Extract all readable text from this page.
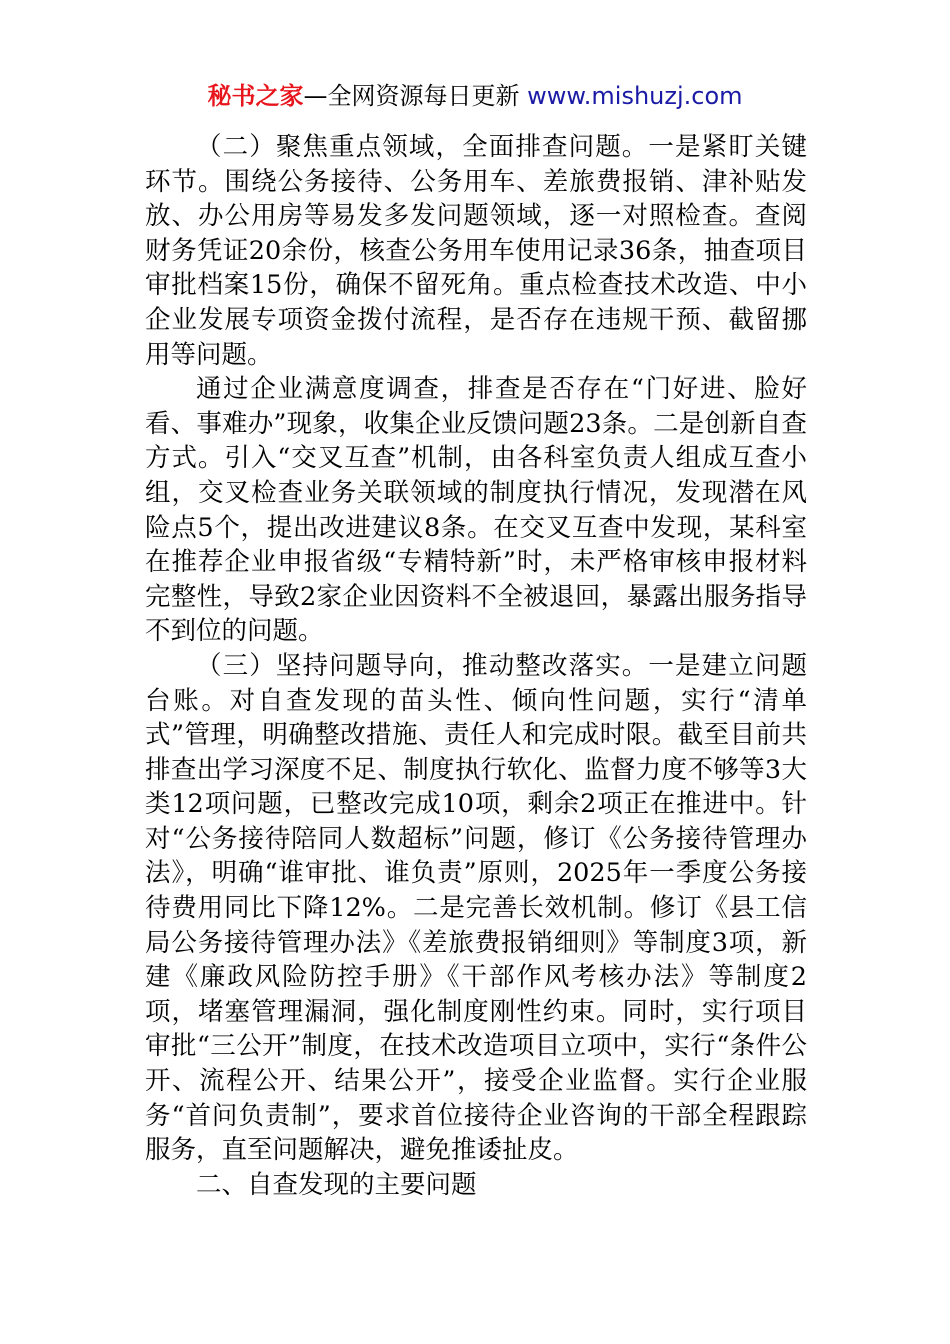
秘书之家—全网资源每日更新 www.mishuzj.com

（二）聚焦重点领域，全面排查问题。一是紧盯关键环节。围绕公务接待、公务用车、差旅费报销、津补贴发放、办公用房等易发多发问题领域，逐一对照检查。查阅财务凭证20余份，核查公务用车使用记录36条，抽查项目审批档案15份，确保不留死角。重点检查技术改造、中小企业发展专项资金拨付流程，是否存在违规干预、截留挪用等问题。

通过企业满意度调查，排查是否存在“门好进、脸好看、事难办”现象，收集企业反馈问题23条。二是创新自查方式。引入“交叉互查”机制，由各科室负责人组成互查小组，交叉检查业务关联领域的制度执行情况，发现潜在风险点5个，提出改进建议8条。在交叉互查中发现，某科室在推荐企业申报省级“专精特新”时，未严格审核申报材料完整性，导致2家企业因资料不全被退回，暴露出服务指导不到位的问题。

（三）坚持问题导向，推动整改落实。一是建立问题台账。对自查发现的苗头性、倾向性问题，实行“清单式”管理，明确整改措施、责任人和完成时限。截至目前共排查出学习深度不足、制度执行软化、监督力度不够等3大类12项问题，已整改完成10项，剩余2项正在推进中。针对“公务接待陪同人数超标”问题，修订《公务接待管理办法》，明确“谁审批、谁负责”原则，2025年一季度公务接待费用同比下降12%。二是完善长效机制。修订《县工信局公务接待管理办法》《差旅费报销细则》等制度3项，新建《廉政风险防控手册》《干部作风考核办法》等制度2项，堵塞管理漏洞，强化制度刚性约束。同时，实行项目审批“三公开”制度，在技术改造项目立项中，实行“条件公开、流程公开、结果公开”，接受企业监督。实行企业服务“首问负责制”，要求首位接待企业咨询的干部全程跟踪服务，直至问题解决，避免推诿扯皮。

二、自查发现的主要问题
